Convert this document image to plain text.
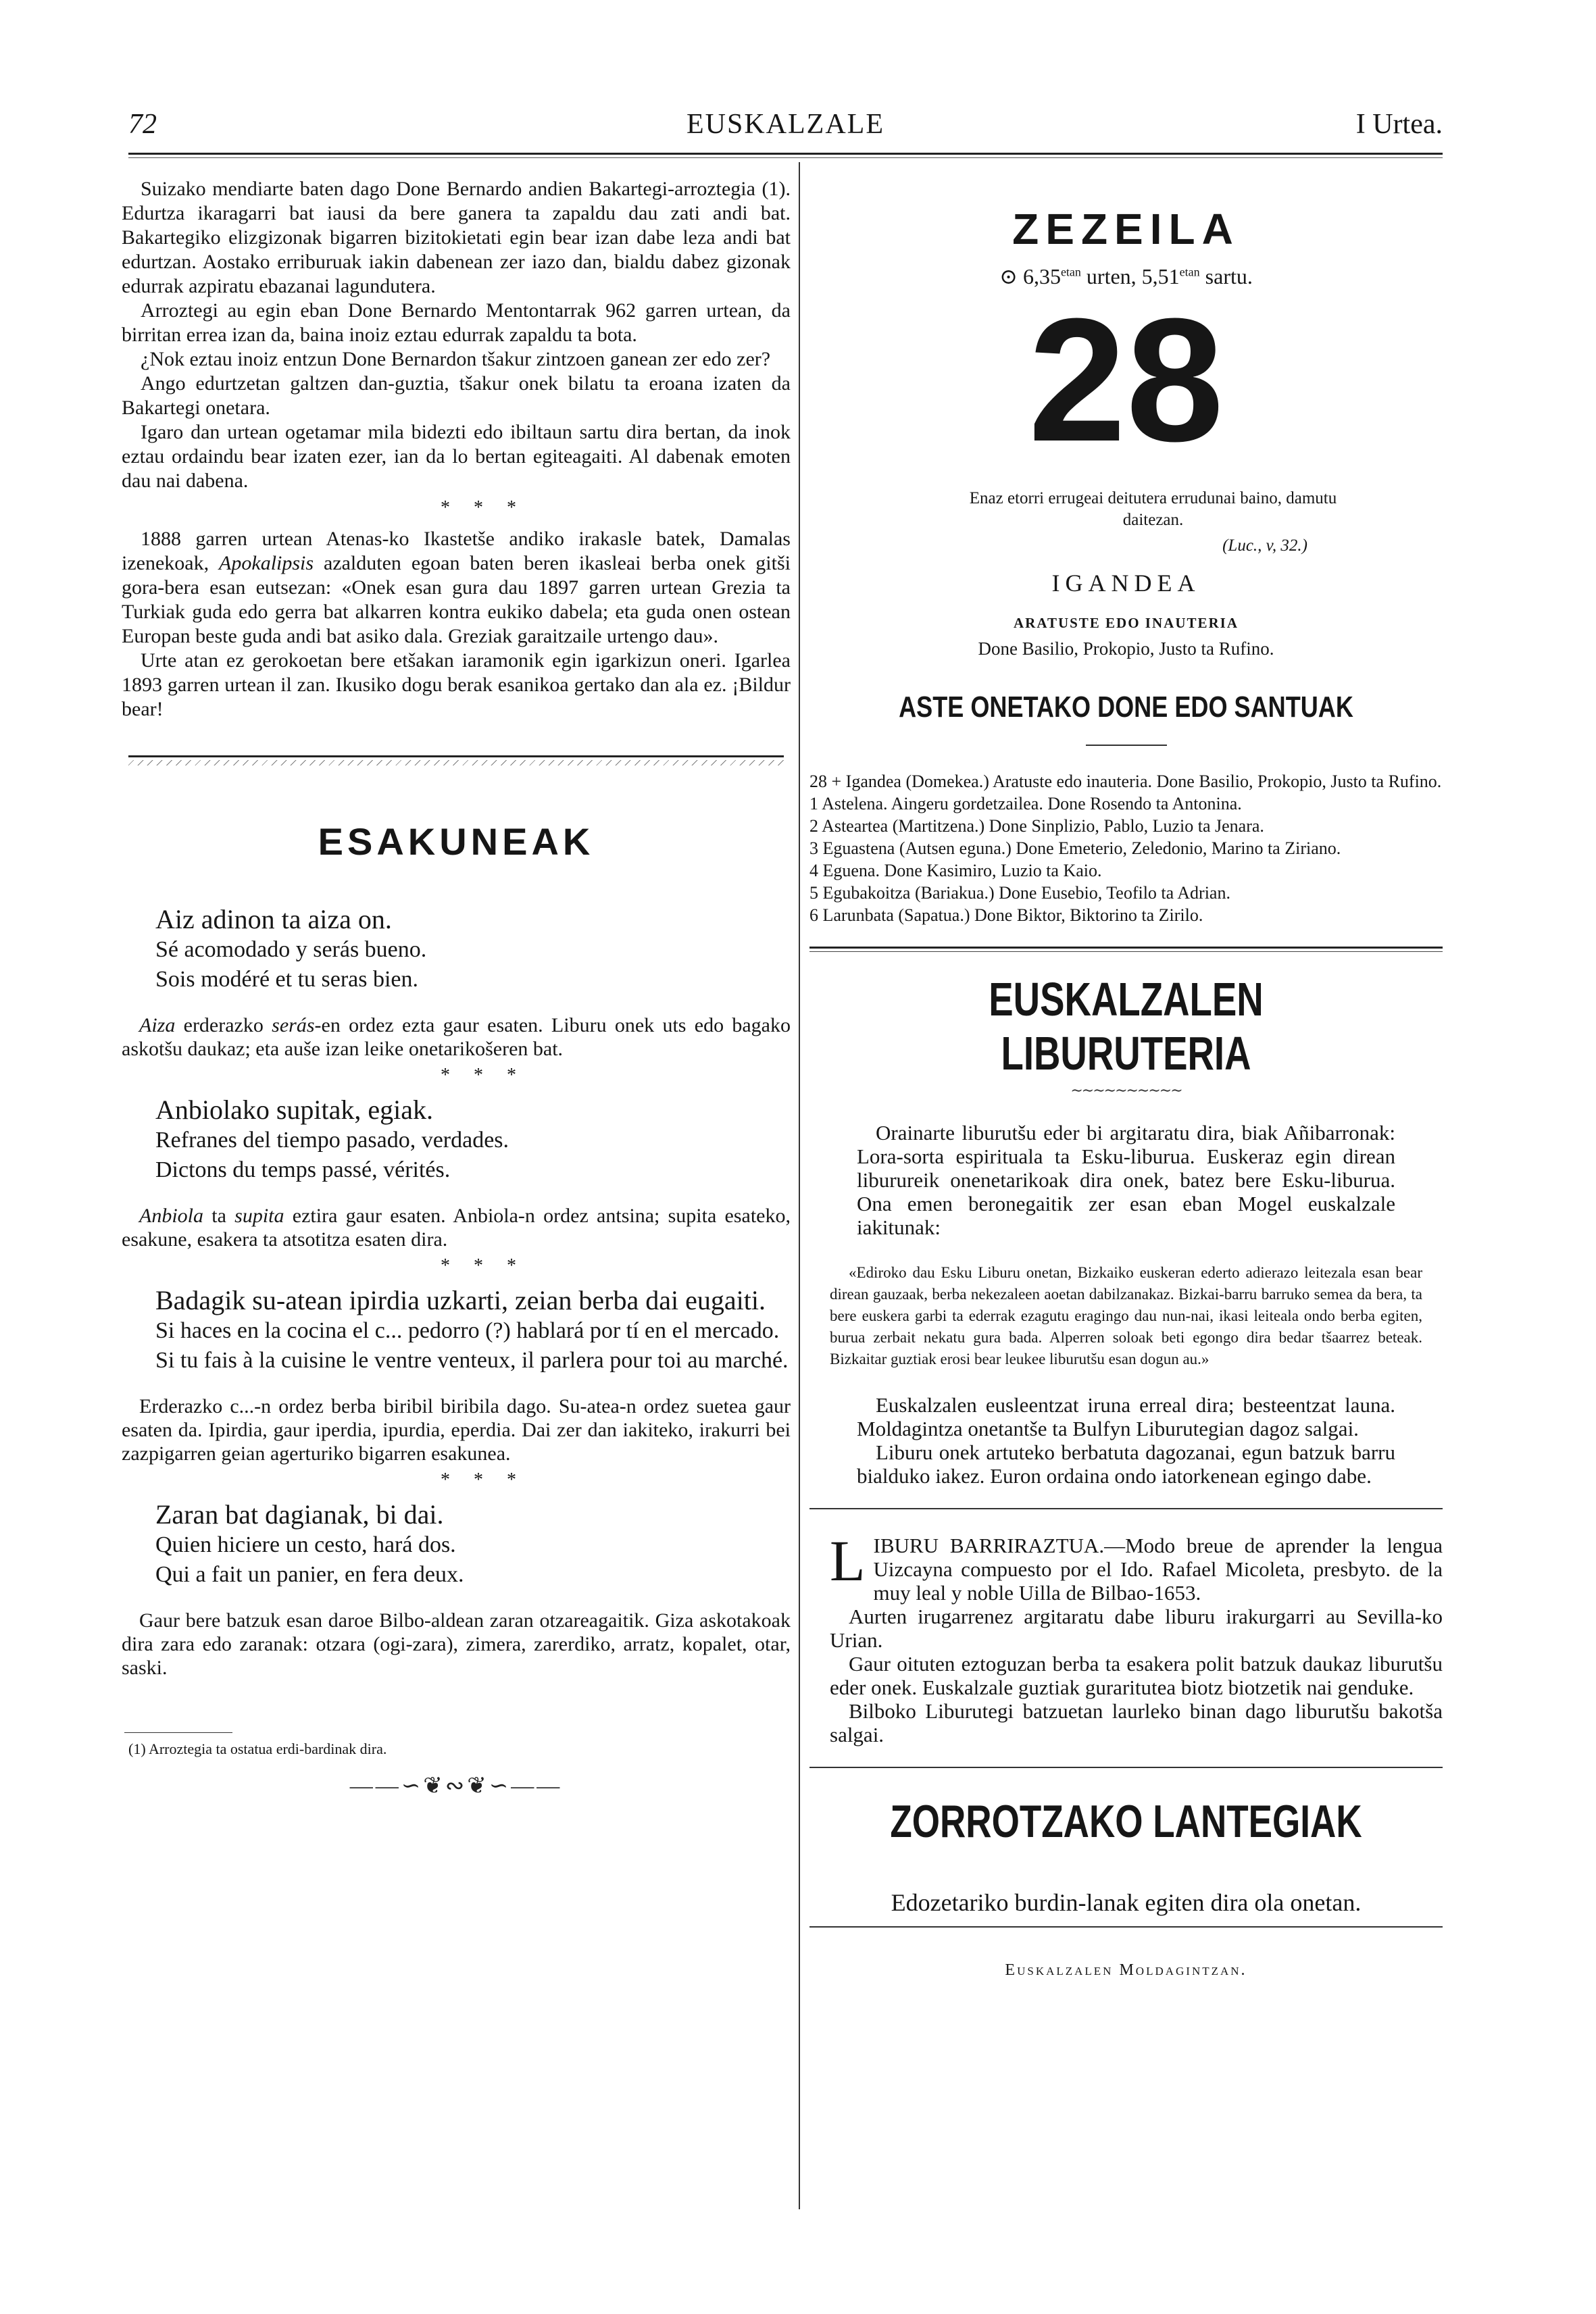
72	EUSKALZALE	I Urtea.

Suizako mendiarte baten dago Done Bernardo andien Bakartegi-arroztegia (1). Edurtza ikaragarri bat iausi da bere ganera ta zapaldu dau zati andi bat. Bakartegiko elizgizonak bigarren bizitokietati egin bear izan dabe leza andi bat edurtzan. Aostako erriburuak iakin dabenean zer iazo dan, bialdu dabez gizonak edurrak azpiratu ebazanai lagundutera.

Arroztegi au egin eban Done Bernardo Mentontarrak 962 garren urtean, da birritan errea izan da, baina inoiz eztau edurrak zapaldu ta bota.

¿Nok eztau inoiz entzun Done Bernardon tšakur zintzoen ganean zer edo zer?

Ango edurtzetan galtzen dan-guztia, tšakur onek bilatu ta eroana izaten da Bakartegi onetara.

Igaro dan urtean ogetamar mila bidezti edo ibiltaun sartu dira bertan, da inok eztau ordaindu bear izaten ezer, ian da lo bertan egiteagaiti. Al dabenak emoten dau nai dabena.

* * *

1888 garren urtean Atenas-ko Ikastetše andiko irakasle batek, Damalas izenekoak, Apokalipsis azalduten egoan baten beren ikasleai berba onek gitši gora-bera esan eutsezan: «Onek esan gura dau 1897 garren urtean Grezia ta Turkiak guda edo gerra bat alkarren kontra eukiko dabela; eta guda onen ostean Europan beste guda andi bat asiko dala. Greziak garaitzaile urtengo dau».

Urte atan ez gerokoetan bere etšakan iaramonik egin igarkizun oneri. Igarlea 1893 garren urtean il zan. Ikusiko dogu berak esanikoa gertako dan ala ez. ¡Bildur bear!

ESAKUNEAK
Aiz adinon ta aiza on.
Sé acomodado y serás bueno.
Sois modéré et tu seras bien.

Aiza erderazko serás-en ordez ezta gaur esaten. Liburu onek uts edo bagako askotšu daukaz; eta auše izan leike onetarikošeren bat.

* * *
Anbiolako supitak, egiak.
Refranes del tiempo pasado, verdades.
Dictons du temps passé, vérités.

Anbiola ta supita eztira gaur esaten. Anbiola-n ordez antsina; supita esateko, esakune, esakera ta atsotitza esaten dira.

* * *
Badagik su-atean ipirdia uzkarti, zeian berba dai eugaiti.
Si haces en la cocina el c... pedorro (?) hablará por tí en el mercado.
Si tu fais à la cuisine le ventre venteux, il parlera pour toi au marché.

Erderazko c...-n ordez berba biribil biribila dago. Su-atea-n ordez suetea gaur esaten da. Ipirdia, gaur iperdia, ipurdia, eperdia. Dai zer dan iakiteko, irakurri bei zazpigarren geian agerturiko bigarren esakunea.

* * *
Zaran bat dagianak, bi dai.
Quien hiciere un cesto, hará dos.
Qui a fait un panier, en fera deux.

Gaur bere batzuk esan daroe Bilbo-aldean zaran otzareagaitik. Giza askotakoak dira zara edo zaranak: otzara (ogi-zara), zimera, zarerdiko, arratz, kopalet, otar, saski.

(1) Arroztegia ta ostatua erdi-bardinak dira.
——∽❦∾❦∽——
ZEZEILA
⊙ $6,35^{etan}$ urten, $5,51^{etan}$ sartu.
28
Enaz etorri errugeai deitutera errudunai baino, damutu daitezan.
(Luc., v, 32.)
IGANDEA
ARATUSTE EDO INAUTERIA
Done Basilio, Prokopio, Justo ta Rufino.
ASTE ONETAKO DONE EDO SANTUAK
28 + Igandea (Domekea.) Aratuste edo inauteria. Done Basilio, Prokopio, Justo ta Rufino.
1 Astelena. Aingeru gordetzailea. Done Rosendo ta Antonina.
2 Asteartea (Martitzena.) Done Sinplizio, Pablo, Luzio ta Jenara.
3 Eguastena (Autsen eguna.) Done Emeterio, Zeledonio, Marino ta Ziriano.
4 Eguena. Done Kasimiro, Luzio ta Kaio.
5 Egubakoitza (Bariakua.) Done Eusebio, Teofilo ta Adrian.
6 Larunbata (Sapatua.) Done Biktor, Biktorino ta Zirilo.
EUSKALZALEN LIBURUTERIA
∼∼∼∼∼∼∼∼∼∼

Orainarte liburutšu eder bi argitaratu dira, biak Añibarronak: Lora-sorta espirituala ta Esku-liburua. Euskeraz egin direan liburureik onenetarikoak dira onek, batez bere Esku-liburua. Ona emen beronegaitik zer esan eban Mogel euskalzale iakitunak:

«Ediroko dau Esku Liburu onetan, Bizkaiko euskeran ederto adierazo leitezala esan bear direan gauzaak, berba nekezaleen aoetan dabilzanakaz. Bizkai-barru barruko semea da bera, ta bere euskera garbi ta ederrak ezagutu eragingo dau nun-nai, ikasi leiteala ondo berba egiten, burua zerbait nekatu gura bada. Alperren soloak beti egongo dira bedar tšaarrez beteak. Bizkaitar guztiak erosi bear leukee liburutšu esan dogun au.»

Euskalzalen eusleentzat iruna erreal dira; besteentzat launa. Moldagintza onetantše ta Bulfyn Liburutegian dagoz salgai.

Liburu onek artuteko berbatuta dagozanai, egun batzuk barru bialduko iakez. Euron ordaina ondo iatorkenean egingo dabe.

LIBURU BARRIRAZTUA.—Modo breue de aprender la lengua Uizcayna compuesto por el Ido. Rafael Micoleta, presbyto. de la muy leal y noble Uilla de Bilbao-1653.

Aurten irugarrenez argitaratu dabe liburu irakurgarri au Sevilla-ko Urian.

Gaur oituten eztoguzan berba ta esakera polit batzuk daukaz liburutšu eder onek. Euskalzale guztiak gurarituteа biotz biotzetik nai genduke.

Bilboko Liburutegi batzuetan laurleko binan dago liburutšu bakotša salgai.

ZORROTZAKO LANTEGIAK
Edozetariko burdin-lanak egiten dira ola onetan.
Euskalzalen Moldagintzan.
